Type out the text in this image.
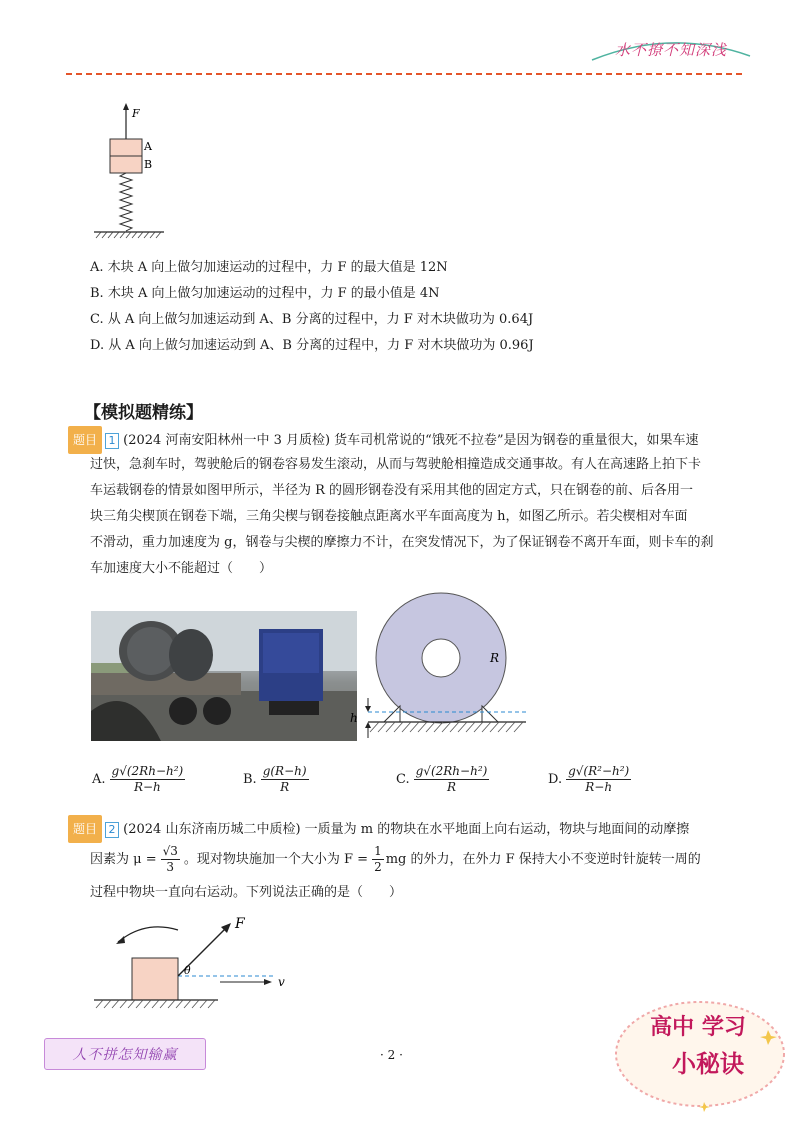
水不撩不知深浅
F
A
B
A. 木块 A 向上做匀加速运动的过程中，力 F 的最大值是 12N
B. 木块 A 向上做匀加速运动的过程中，力 F 的最小值是 4N
C. 从 A 向上做匀加速运动到 A、B 分离的过程中，力 F 对木块做功为 0.64J
D. 从 A 向上做匀加速运动到 A、B 分离的过程中，力 F 对木块做功为 0.96J
【模拟题精练】
题目 1 (2024 河南安阳林州一中 3 月质检) 货车司机常说的“饿死不拉卷”是因为钢卷的重量很大，如果车速
过快，急刹车时，驾驶舱后的钢卷容易发生滚动，从而与驾驶舱相撞造成交通事故。有人在高速路上拍下卡
车运载钢卷的情景如图甲所示，半径为 R 的圆形钢卷没有采用其他的固定方式，只在钢卷的前、后各用一
块三角尖楔顶在钢卷下端，三角尖楔与钢卷接触点距离水平车面高度为 h，如图乙所示。若尖楔相对车面
不滑动，重力加速度为 g，钢卷与尖楔的摩擦力不计，在突发情况下，为了保证钢卷不离开车面，则卡车的刹
车加速度大小不能超过（　　）
R
h
A. $\frac{\text{g√(2Rh−h²)}}{R-h}$	B. $\frac{g(R-h)}{R}$	C. $\frac{\text{g√(2Rh−h²)}}{R}$	D. $\frac{\text{g√(R²−h²)}}{R-h}$
题目 2 (2024 山东济南历城二中质检) 一质量为 m 的物块在水平地面上向右运动，物块与地面间的动摩擦
因素为 $\mu = \frac{√3}{3}$ 。现对物块施加一个大小为 $F = \frac{1}{2}$ mg 的外力，在外力 F 保持大小不变逆时针旋转一周的
过程中物块一直向右运动。下列说法正确的是（　　）
F
θ
v
人不拼怎知输赢	· 2 ·
高中 学习
小秘诀
